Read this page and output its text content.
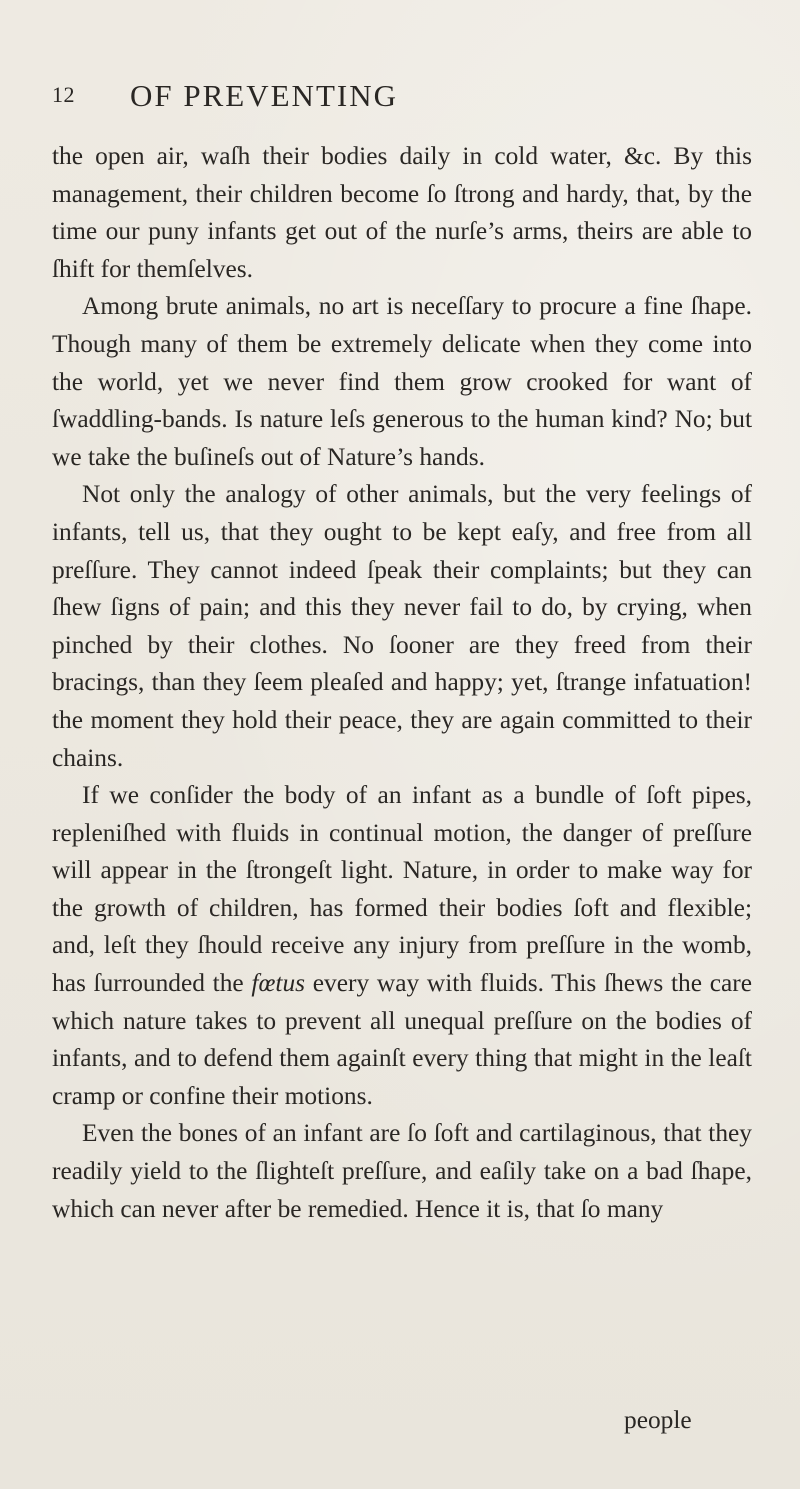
12 OF PREVENTING

the open air, waſh their bodies daily in cold water, &c. By this management, their children become ſo ſtrong and hardy, that, by the time our puny infants get out of the nurſe’s arms, theirs are able to ſhift for themſelves.

Among brute animals, no art is neceſſary to procure a fine ſhape. Though many of them be extremely delicate when they come into the world, yet we never find them grow crooked for want of ſwaddling-bands. Is nature leſs generous to the human kind? No; but we take the buſineſs out of Nature’s hands.

Not only the analogy of other animals, but the very feelings of infants, tell us, that they ought to be kept eaſy, and free from all preſſure. They cannot indeed ſpeak their complaints; but they can ſhew ſigns of pain; and this they never fail to do, by crying, when pinched by their clothes. No ſooner are they freed from their bracings, than they ſeem pleaſed and happy; yet, ſtrange infatuation! the moment they hold their peace, they are again committed to their chains.

If we conſider the body of an infant as a bundle of ſoft pipes, repleniſhed with fluids in continual motion, the danger of preſſure will appear in the ſtrongeſt light. Nature, in order to make way for the growth of children, has formed their bodies ſoft and flexible; and, leſt they ſhould receive any injury from preſſure in the womb, has ſurrounded the fœtus every way with fluids. This ſhews the care which nature takes to prevent all unequal preſſure on the bodies of infants, and to defend them againſt every thing that might in the leaſt cramp or confine their motions.

Even the bones of an infant are ſo ſoft and cartilaginous, that they readily yield to the ſlighteſt preſſure, and eaſily take on a bad ſhape, which can never after be remedied. Hence it is, that ſo many

people
